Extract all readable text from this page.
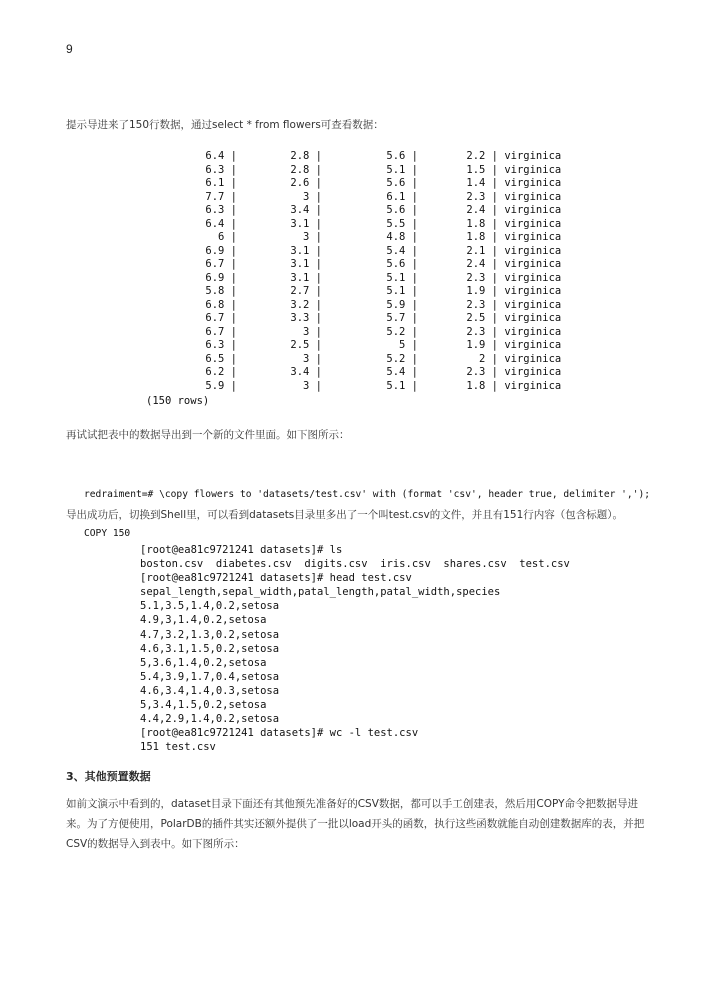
9

提示导进来了150行数据，通过select * from flowers可查看数据：

6.4 |	2.8 |	5.6 |	2.2 | virginica
6.3 |	2.8 |	5.1 |	1.5 | virginica
6.1 |	2.6 |	5.6 |	1.4 | virginica
7.7 |	3 |	6.1 |	2.3 | virginica
6.3 |	3.4 |	5.6 |	2.4 | virginica
6.4 |	3.1 |	5.5 |	1.8 | virginica
6 |	3 |	4.8 |	1.8 | virginica
6.9 |	3.1 |	5.4 |	2.1 | virginica
6.7 |	3.1 |	5.6 |	2.4 | virginica
6.9 |	3.1 |	5.1 |	2.3 | virginica
5.8 |	2.7 |	5.1 |	1.9 | virginica
6.8 |	3.2 |	5.9 |	2.3 | virginica
6.7 |	3.3 |	5.7 |	2.5 | virginica
6.7 |	3 |	5.2 |	2.3 | virginica
6.3 |	2.5 |	5 |	1.9 | virginica
6.5 |	3 |	5.2 |	2 | virginica
6.2 |	3.4 |	5.4 |	2.3 | virginica
5.9 |	3 |	5.1 |	1.8 | virginica
(150 rows)

再试试把表中的数据导出到一个新的文件里面。如下图所示：

redraiment=# \copy flowers to 'datasets/test.csv' with (format 'csv', header true, delimiter ',');

COPY 150

导出成功后，切换到Shell里，可以看到datasets目录里多出了一个叫test.csv的文件，并且有151行内容（包含标题）。

[root@ea81c9721241 datasets]# ls
boston.csv  diabetes.csv  digits.csv  iris.csv  shares.csv  test.csv
[root@ea81c9721241 datasets]# head test.csv
sepal_length,sepal_width,patal_length,patal_width,species
5.1,3.5,1.4,0.2,setosa
4.9,3,1.4,0.2,setosa
4.7,3.2,1.3,0.2,setosa
4.6,3.1,1.5,0.2,setosa
5,3.6,1.4,0.2,setosa
5.4,3.9,1.7,0.4,setosa
4.6,3.4,1.4,0.3,setosa
5,3.4,1.5,0.2,setosa
4.4,2.9,1.4,0.2,setosa
[root@ea81c9721241 datasets]# wc -l test.csv
151 test.csv
3、其他预置数据

如前文演示中看到的，dataset目录下面还有其他预先准备好的CSV数据，都可以手工创建表，然后用COPY命令把数据导进来。为了方便使用，PolarDB的插件其实还额外提供了一批以load开头的函数，执行这些函数就能自动创建数据库的表，并把CSV的数据导入到表中。如下图所示：
